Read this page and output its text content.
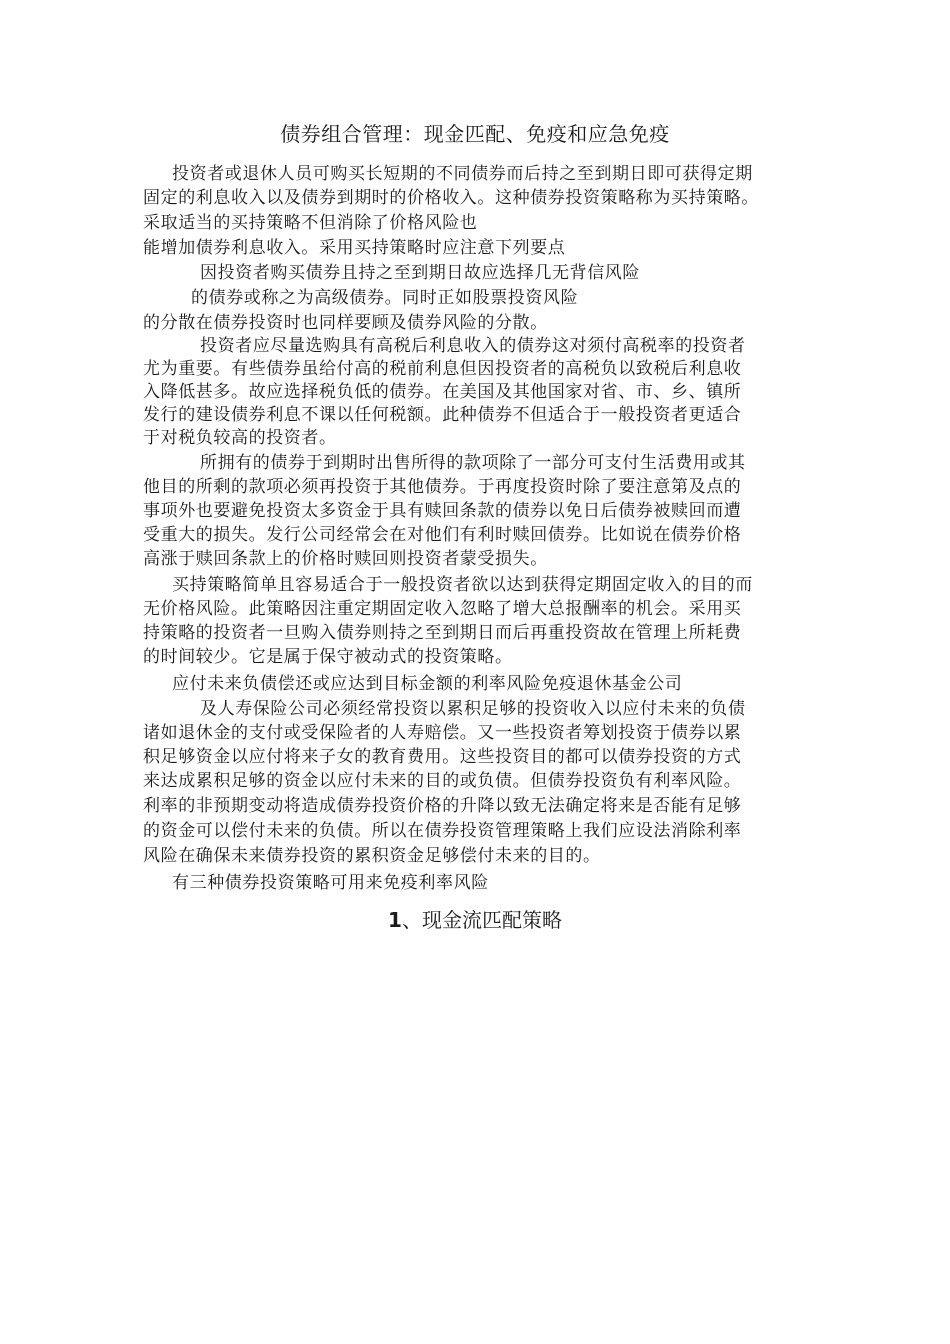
债券组合管理：现金匹配、免疫和应急免疫
投资者或退休人员可购买长短期的不同债券而后持之至到期日即可获得定期
固定的利息收入以及债券到期时的价格收入。这种债券投资策略称为买持策略。
采取适当的买持策略不但消除了价格风险也
能增加债券利息收入。采用买持策略时应注意下列要点
因投资者购买债券且持之至到期日故应选择几无背信风险
的债券或称之为高级债券。同时正如股票投资风险
的分散在债券投资时也同样要顾及债券风险的分散。
投资者应尽量选购具有高税后利息收入的债券这对须付高税率的投资者
尤为重要。有些债券虽给付高的税前利息但因投资者的高税负以致税后利息收
入降低甚多。故应选择税负低的债券。在美国及其他国家对省、市、乡、镇所
发行的建设债券利息不课以任何税额。此种债券不但适合于一般投资者更适合
于对税负较高的投资者。
所拥有的债券于到期时出售所得的款项除了一部分可支付生活费用或其
他目的所剩的款项必须再投资于其他债券。于再度投资时除了要注意第及点的
事项外也要避免投资太多资金于具有赎回条款的债券以免日后债券被赎回而遭
受重大的损失。发行公司经常会在对他们有利时赎回债券。比如说在债券价格
高涨于赎回条款上的价格时赎回则投资者蒙受损失。
买持策略简单且容易适合于一般投资者欲以达到获得定期固定收入的目的而
无价格风险。此策略因注重定期固定收入忽略了增大总报酬率的机会。采用买
持策略的投资者一旦购入债券则持之至到期日而后再重投资故在管理上所耗费
的时间较少。它是属于保守被动式的投资策略。
应付未来负债偿还或应达到目标金额的利率风险免疫退休基金公司
及人寿保险公司必须经常投资以累积足够的投资收入以应付未来的负债
诸如退休金的支付或受保险者的人寿赔偿。又一些投资者筹划投资于债券以累
积足够资金以应付将来子女的教育费用。这些投资目的都可以债券投资的方式
来达成累积足够的资金以应付未来的目的或负债。但债券投资负有利率风险。
利率的非预期变动将造成债券投资价格的升降以致无法确定将来是否能有足够
的资金可以偿付未来的负债。所以在债券投资管理策略上我们应设法消除利率
风险在确保未来债券投资的累积资金足够偿付未来的目的。
有三种债券投资策略可用来免疫利率风险
1、现金流匹配策略
